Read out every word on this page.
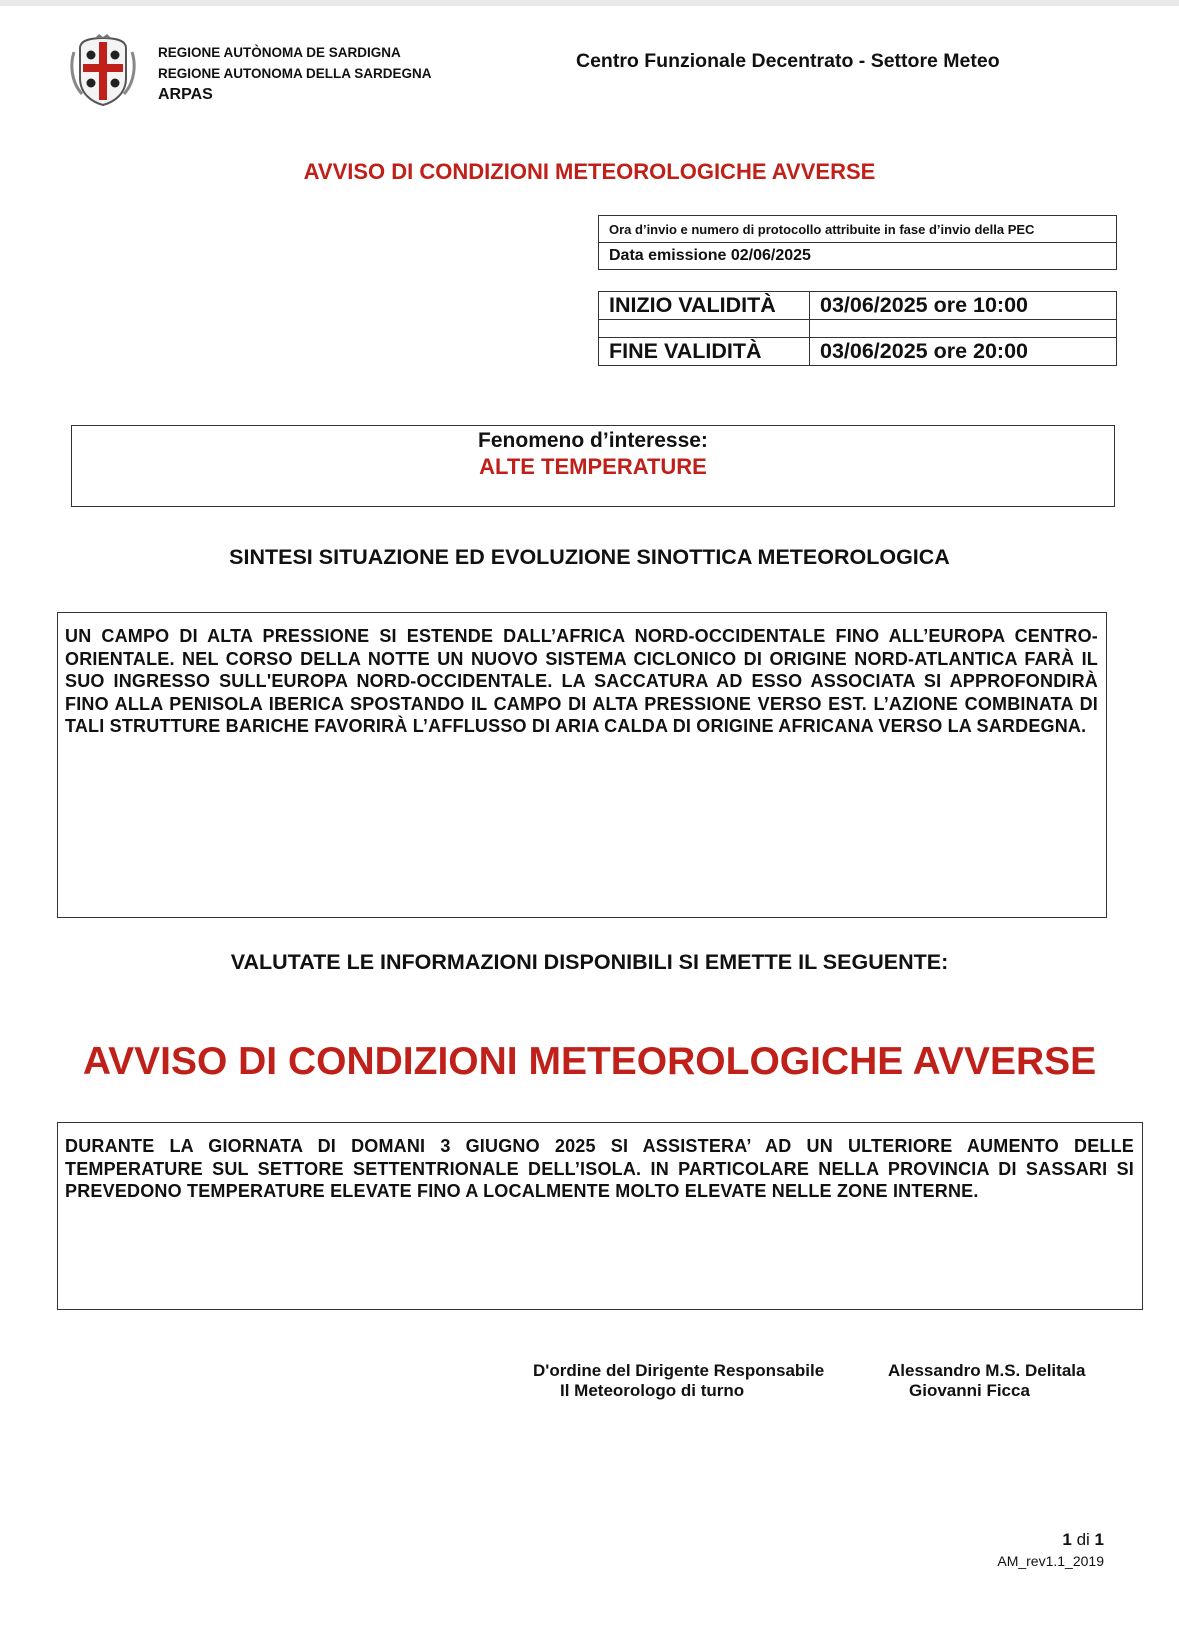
REGIONE AUTÒNOMA DE SARDIGNA
REGIONE AUTONOMA DELLA SARDEGNA
ARPAS
Centro Funzionale Decentrato - Settore Meteo
AVVISO DI CONDIZIONI METEOROLOGICHE AVVERSE
Ora d’invio e numero di protocollo attribuite in fase d’invio della PEC
Data emissione 02/06/2025
INIZIO VALIDITÀ	03/06/2025 ore 10:00

FINE VALIDITÀ	03/06/2025 ore 20:00
Fenomeno d’interesse:
ALTE TEMPERATURE
SINTESI SITUAZIONE ED EVOLUZIONE SINOTTICA METEOROLOGICA
UN CAMPO DI ALTA PRESSIONE SI ESTENDE DALL’AFRICA NORD-OCCIDENTALE FINO ALL’EUROPA CENTRO-ORIENTALE. NEL CORSO DELLA NOTTE UN NUOVO SISTEMA CICLONICO DI ORIGINE NORD-ATLANTICA FARÀ IL SUO INGRESSO SULL'EUROPA NORD-OCCIDENTALE. LA SACCATURA AD ESSO ASSOCIATA SI APPROFONDIRÀ FINO ALLA PENISOLA IBERICA SPOSTANDO IL CAMPO DI ALTA PRESSIONE VERSO EST. L’AZIONE COMBINATA DI TALI STRUTTURE BARICHE FAVORIRÀ L’AFFLUSSO DI ARIA CALDA DI ORIGINE AFRICANA VERSO LA SARDEGNA.
VALUTATE LE INFORMAZIONI DISPONIBILI SI EMETTE IL SEGUENTE:
AVVISO DI CONDIZIONI METEOROLOGICHE AVVERSE
DURANTE LA GIORNATA DI DOMANI 3 GIUGNO 2025 SI ASSISTERA’ AD UN ULTERIORE AUMENTO DELLE TEMPERATURE SUL SETTORE SETTENTRIONALE DELL’ISOLA. IN PARTICOLARE NELLA PROVINCIA DI SASSARI SI PREVEDONO TEMPERATURE ELEVATE FINO A LOCALMENTE MOLTO ELEVATE NELLE ZONE INTERNE.
D'ordine del Dirigente Responsabile
Il Meteorologo di turno
Alessandro M.S. Delitala
Giovanni Ficca
1 di 1
AM_rev1.1_2019
